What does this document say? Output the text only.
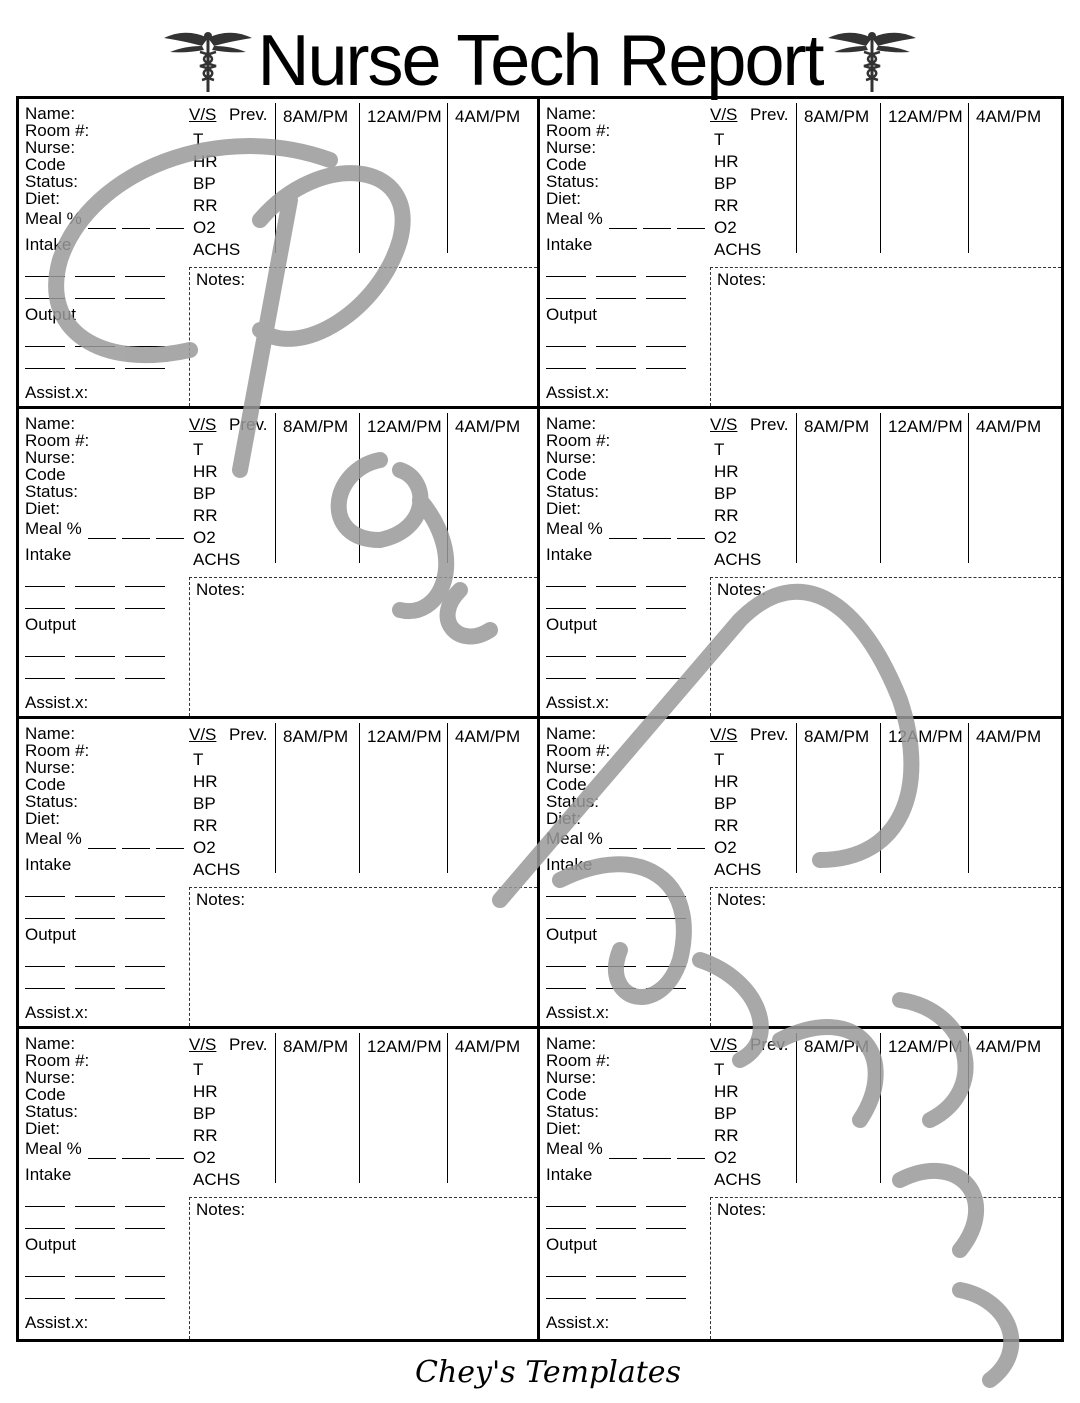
Nurse Tech Report
Name:
Room #:
Nurse:
Code
Status:
Diet:
Meal %
Intake
Output
Assist.x:
V/S
T
HR
BP
RR
O2
ACHS
Prev. 8AM/PM 12AM/PM 4AM/PM
Notes:
Name:
Room #:
Nurse:
Code
Status:
Diet:
Meal %
Intake
Output
Assist.x:
V/S
T
HR
BP
RR
O2
ACHS
Prev. 8AM/PM 12AM/PM 4AM/PM
Notes:
Name:
Room #:
Nurse:
Code
Status:
Diet:
Meal %
Intake
Output
Assist.x:
V/S
T
HR
BP
RR
O2
ACHS
Prev. 8AM/PM 12AM/PM 4AM/PM
Notes:
Name:
Room #:
Nurse:
Code
Status:
Diet:
Meal %
Intake
Output
Assist.x:
V/S
T
HR
BP
RR
O2
ACHS
Prev. 8AM/PM 12AM/PM 4AM/PM
Notes:
Name:
Room #:
Nurse:
Code
Status:
Diet:
Meal %
Intake
Output
Assist.x:
V/S
T
HR
BP
RR
O2
ACHS
Prev. 8AM/PM 12AM/PM 4AM/PM
Notes:
Name:
Room #:
Nurse:
Code
Status:
Diet:
Meal %
Intake
Output
Assist.x:
V/S
T
HR
BP
RR
O2
ACHS
Prev. 8AM/PM 12AM/PM 4AM/PM
Notes:
Name:
Room #:
Nurse:
Code
Status:
Diet:
Meal %
Intake
Output
Assist.x:
V/S
T
HR
BP
RR
O2
ACHS
Prev. 8AM/PM 12AM/PM 4AM/PM
Notes:
Name:
Room #:
Nurse:
Code
Status:
Diet:
Meal %
Intake
Output
Assist.x:
V/S
T
HR
BP
RR
O2
ACHS
Prev. 8AM/PM 12AM/PM 4AM/PM
Notes:
Chey's Templates
